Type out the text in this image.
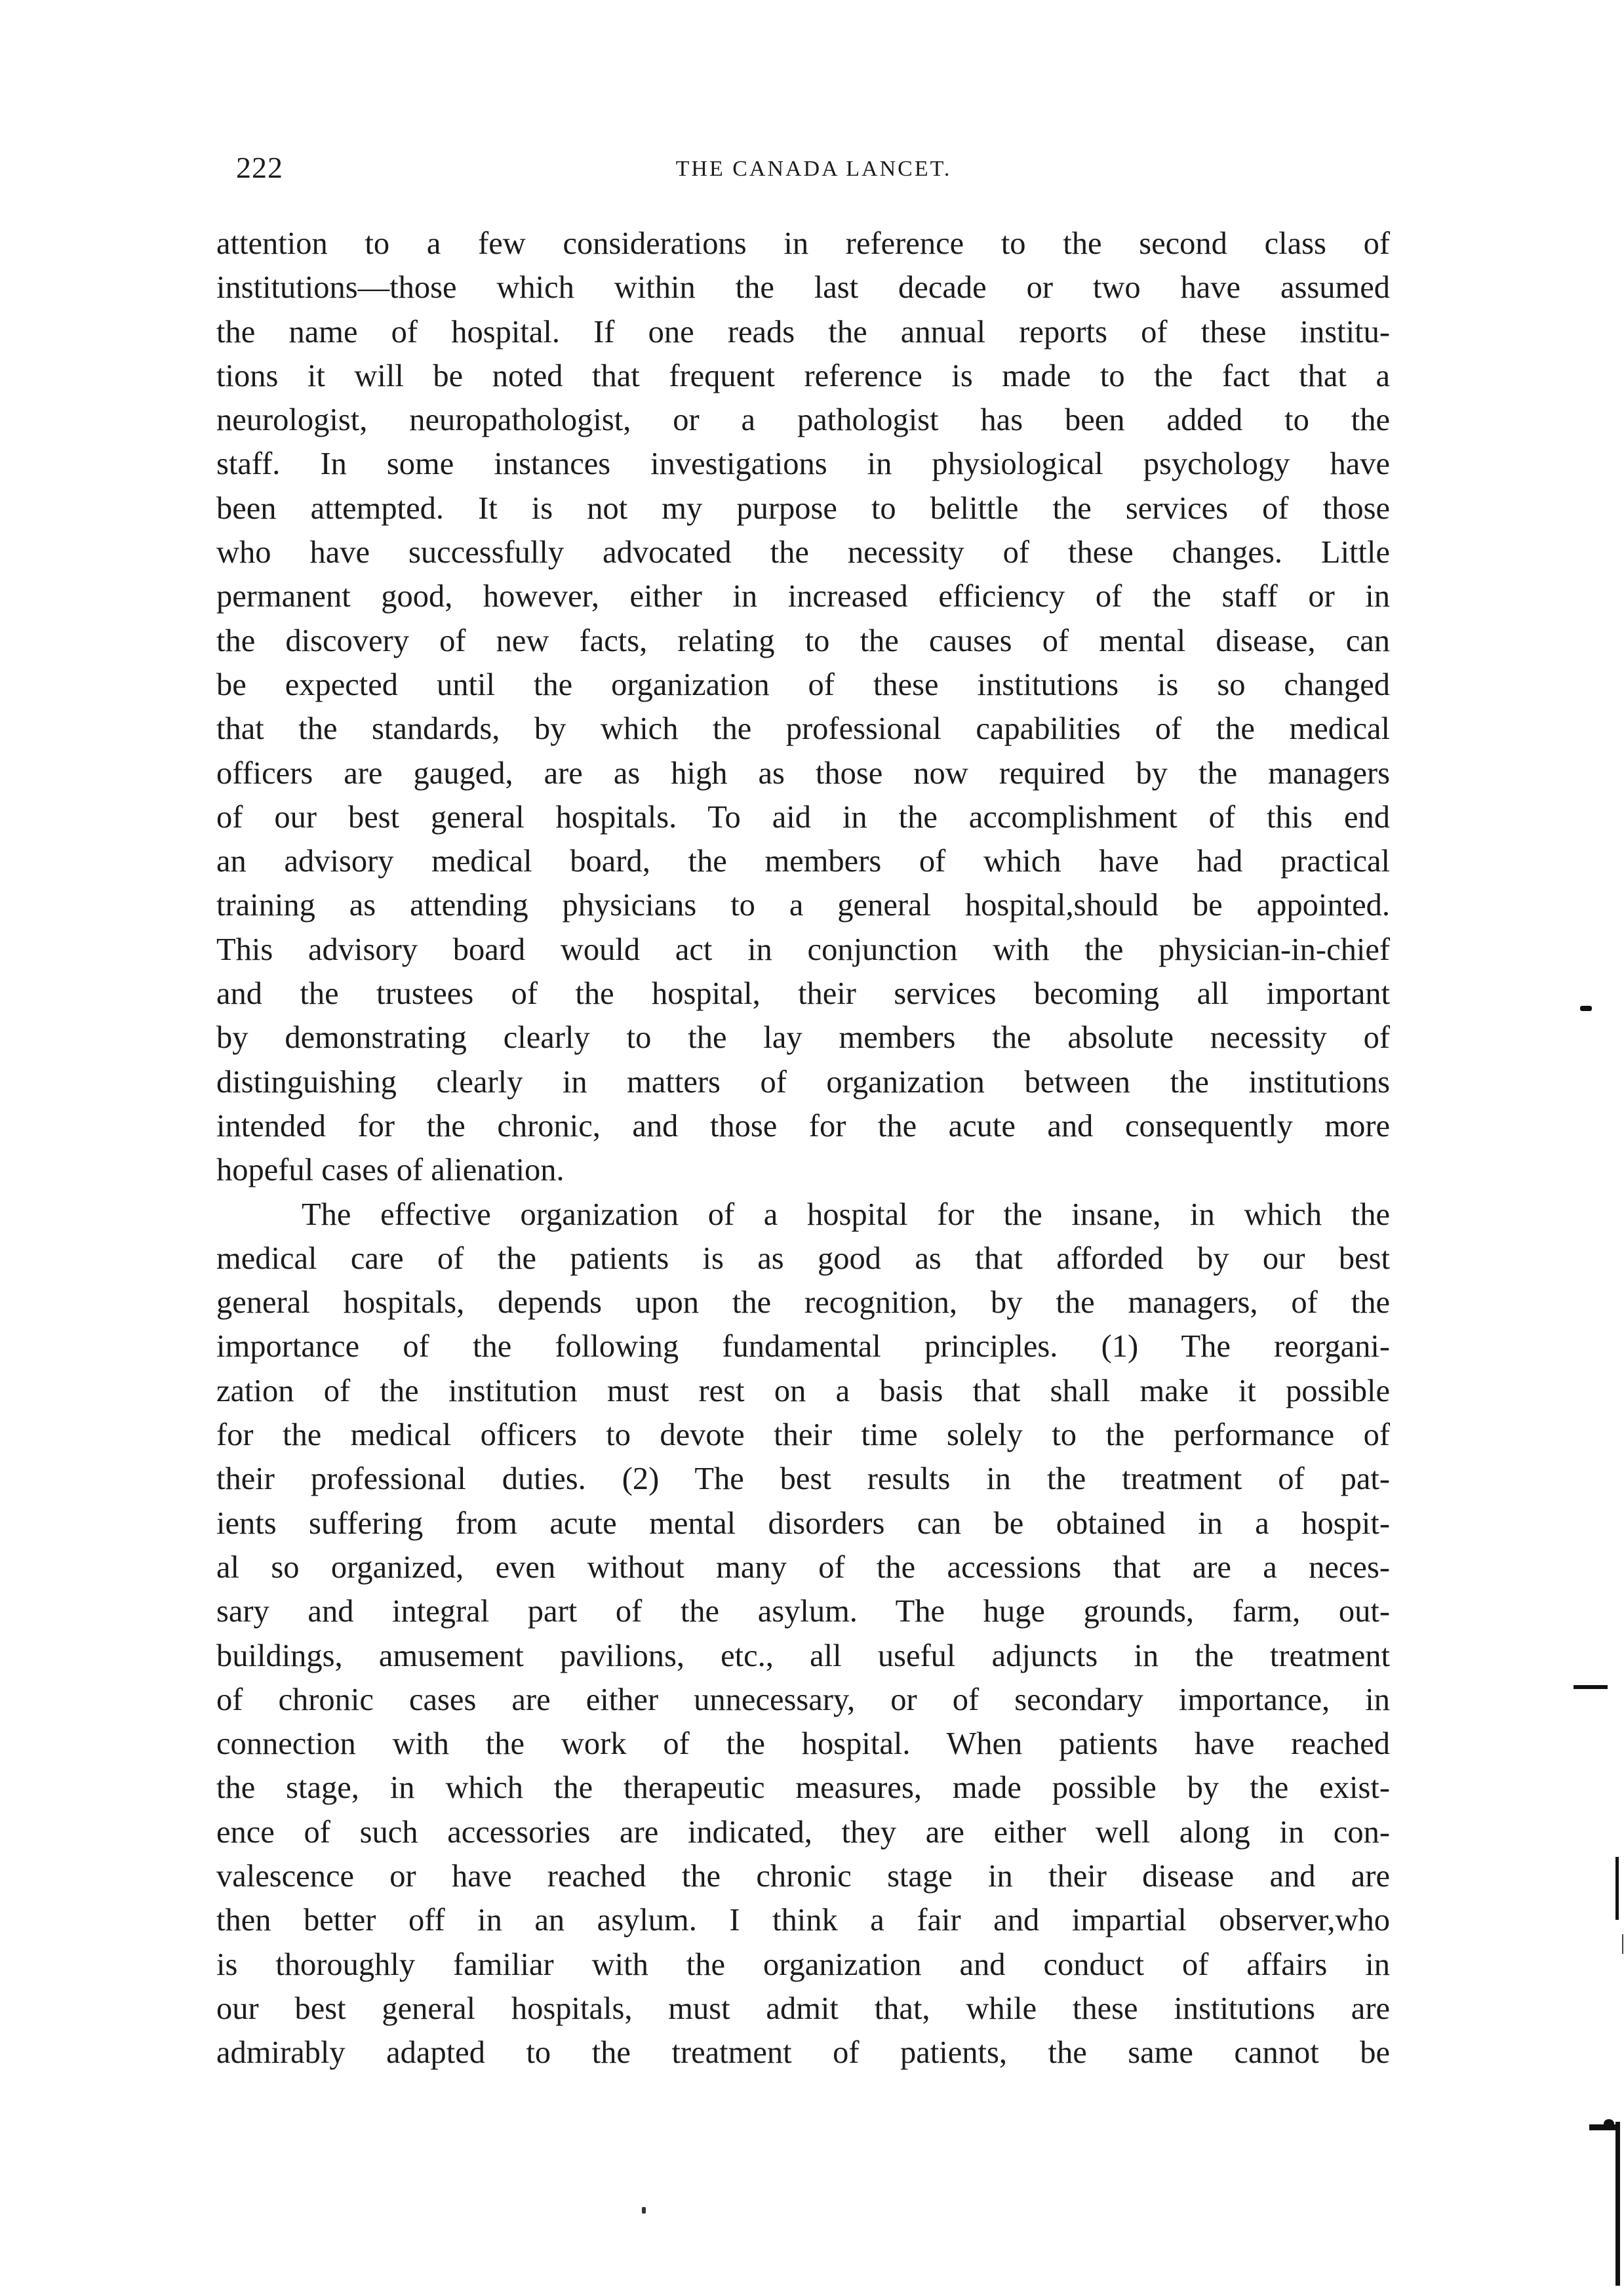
222	THE CANADA LANCET.
attention to a few considerations in reference to the second class of
institutions—those which within the last decade or two have assumed
the name of hospital. If one reads the annual reports of these institu-
tions it will be noted that frequent reference is made to the fact that a
neurologist, neuropathologist, or a pathologist has been added to the
staff. In some instances investigations in physiological psychology have
been attempted. It is not my purpose to belittle the services of those
who have successfully advocated the necessity of these changes. Little
permanent good, however, either in increased efficiency of the staff or in
the discovery of new facts, relating to the causes of mental disease, can
be expected until the organization of these institutions is so changed
that the standards, by which the professional capabilities of the medical
officers are gauged, are as high as those now required by the managers
of our best general hospitals. To aid in the accomplishment of this end
an advisory medical board, the members of which have had practical
training as attending physicians to a general hospital,should be appointed.
This advisory board would act in conjunction with the physician-in-chief
and the trustees of the hospital, their services becoming all important
by demonstrating clearly to the lay members the absolute necessity of
distinguishing clearly in matters of organization between the institutions
intended for the chronic, and those for the acute and consequently more
hopeful cases of alienation.
The effective organization of a hospital for the insane, in which the
medical care of the patients is as good as that afforded by our best
general hospitals, depends upon the recognition, by the managers, of the
importance of the following fundamental principles. (1) The reorgani-
zation of the institution must rest on a basis that shall make it possible
for the medical officers to devote their time solely to the performance of
their professional duties. (2) The best results in the treatment of pat-
ients suffering from acute mental disorders can be obtained in a hospit-
al so organized, even without many of the accessions that are a neces-
sary and integral part of the asylum. The huge grounds, farm, out-
buildings, amusement pavilions, etc., all useful adjuncts in the treatment
of chronic cases are either unnecessary, or of secondary importance, in
connection with the work of the hospital. When patients have reached
the stage, in which the therapeutic measures, made possible by the exist-
ence of such accessories are indicated, they are either well along in con-
valescence or have reached the chronic stage in their disease and are
then better off in an asylum. I think a fair and impartial observer,who
is thoroughly familiar with the organization and conduct of affairs in
our best general hospitals, must admit that, while these institutions are
admirably adapted to the treatment of patients, the same cannot be
